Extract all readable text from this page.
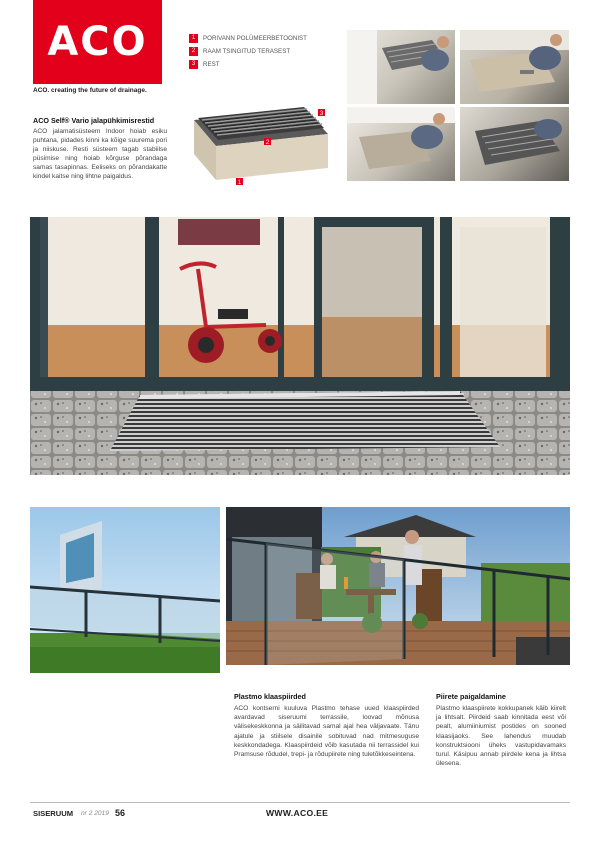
ACO
ACO. creating the future of drainage.
ACO Self® Vario jalapühkimisrestid
ACO jalamatisüsteem Indoor hoiab esiku puhtana, pidades kinni ka kõige suurema pori ja niiskuse. Resti süsteem tagab stabiilse püsimise ning hoiab kõrguse põrandaga samas tasapinnas. Eeliseks on põrandakatte kindel kaitse ning lihtne paigaldus.
1	PORIVANN POLÜMEERBETOONIST
2	RAAM TSINGITUD TERASEST
3	REST
3
2
1
Plastmo klaaspiirded
ACO kontserni kuuluva Plastmo tehase uued klaaspiirded avardavad siseruumi terrassile, loovad mõnusa välisekeskkonna ja säilitavad samal ajal hea väljavaate. Tänu ajatule ja stiilsele disainile sobituvad nad mitmesuguse keskkondadega. Klaaspiirdeid võib kasutada nii terrassidel kui Pramsuse rõdudel, trepi- ja rõdupiirete ning tuletõkkeseintena.
Piirete paigaldamine
Plastmo klaaspiirete kokkupanek käib kiirelt ja lihtsalt. Piirdeid saab kinnitada eest või pealt, alumiiniumist postides on sooned klaasijaoks. See lahendus muudab konstruktsiooni üheks vastupidavamaks turul. Käsipuu annab piirdele kena ja lihtsa ülesena.
SISERUUM nr 2 2019 56	WWW.ACO.EE
